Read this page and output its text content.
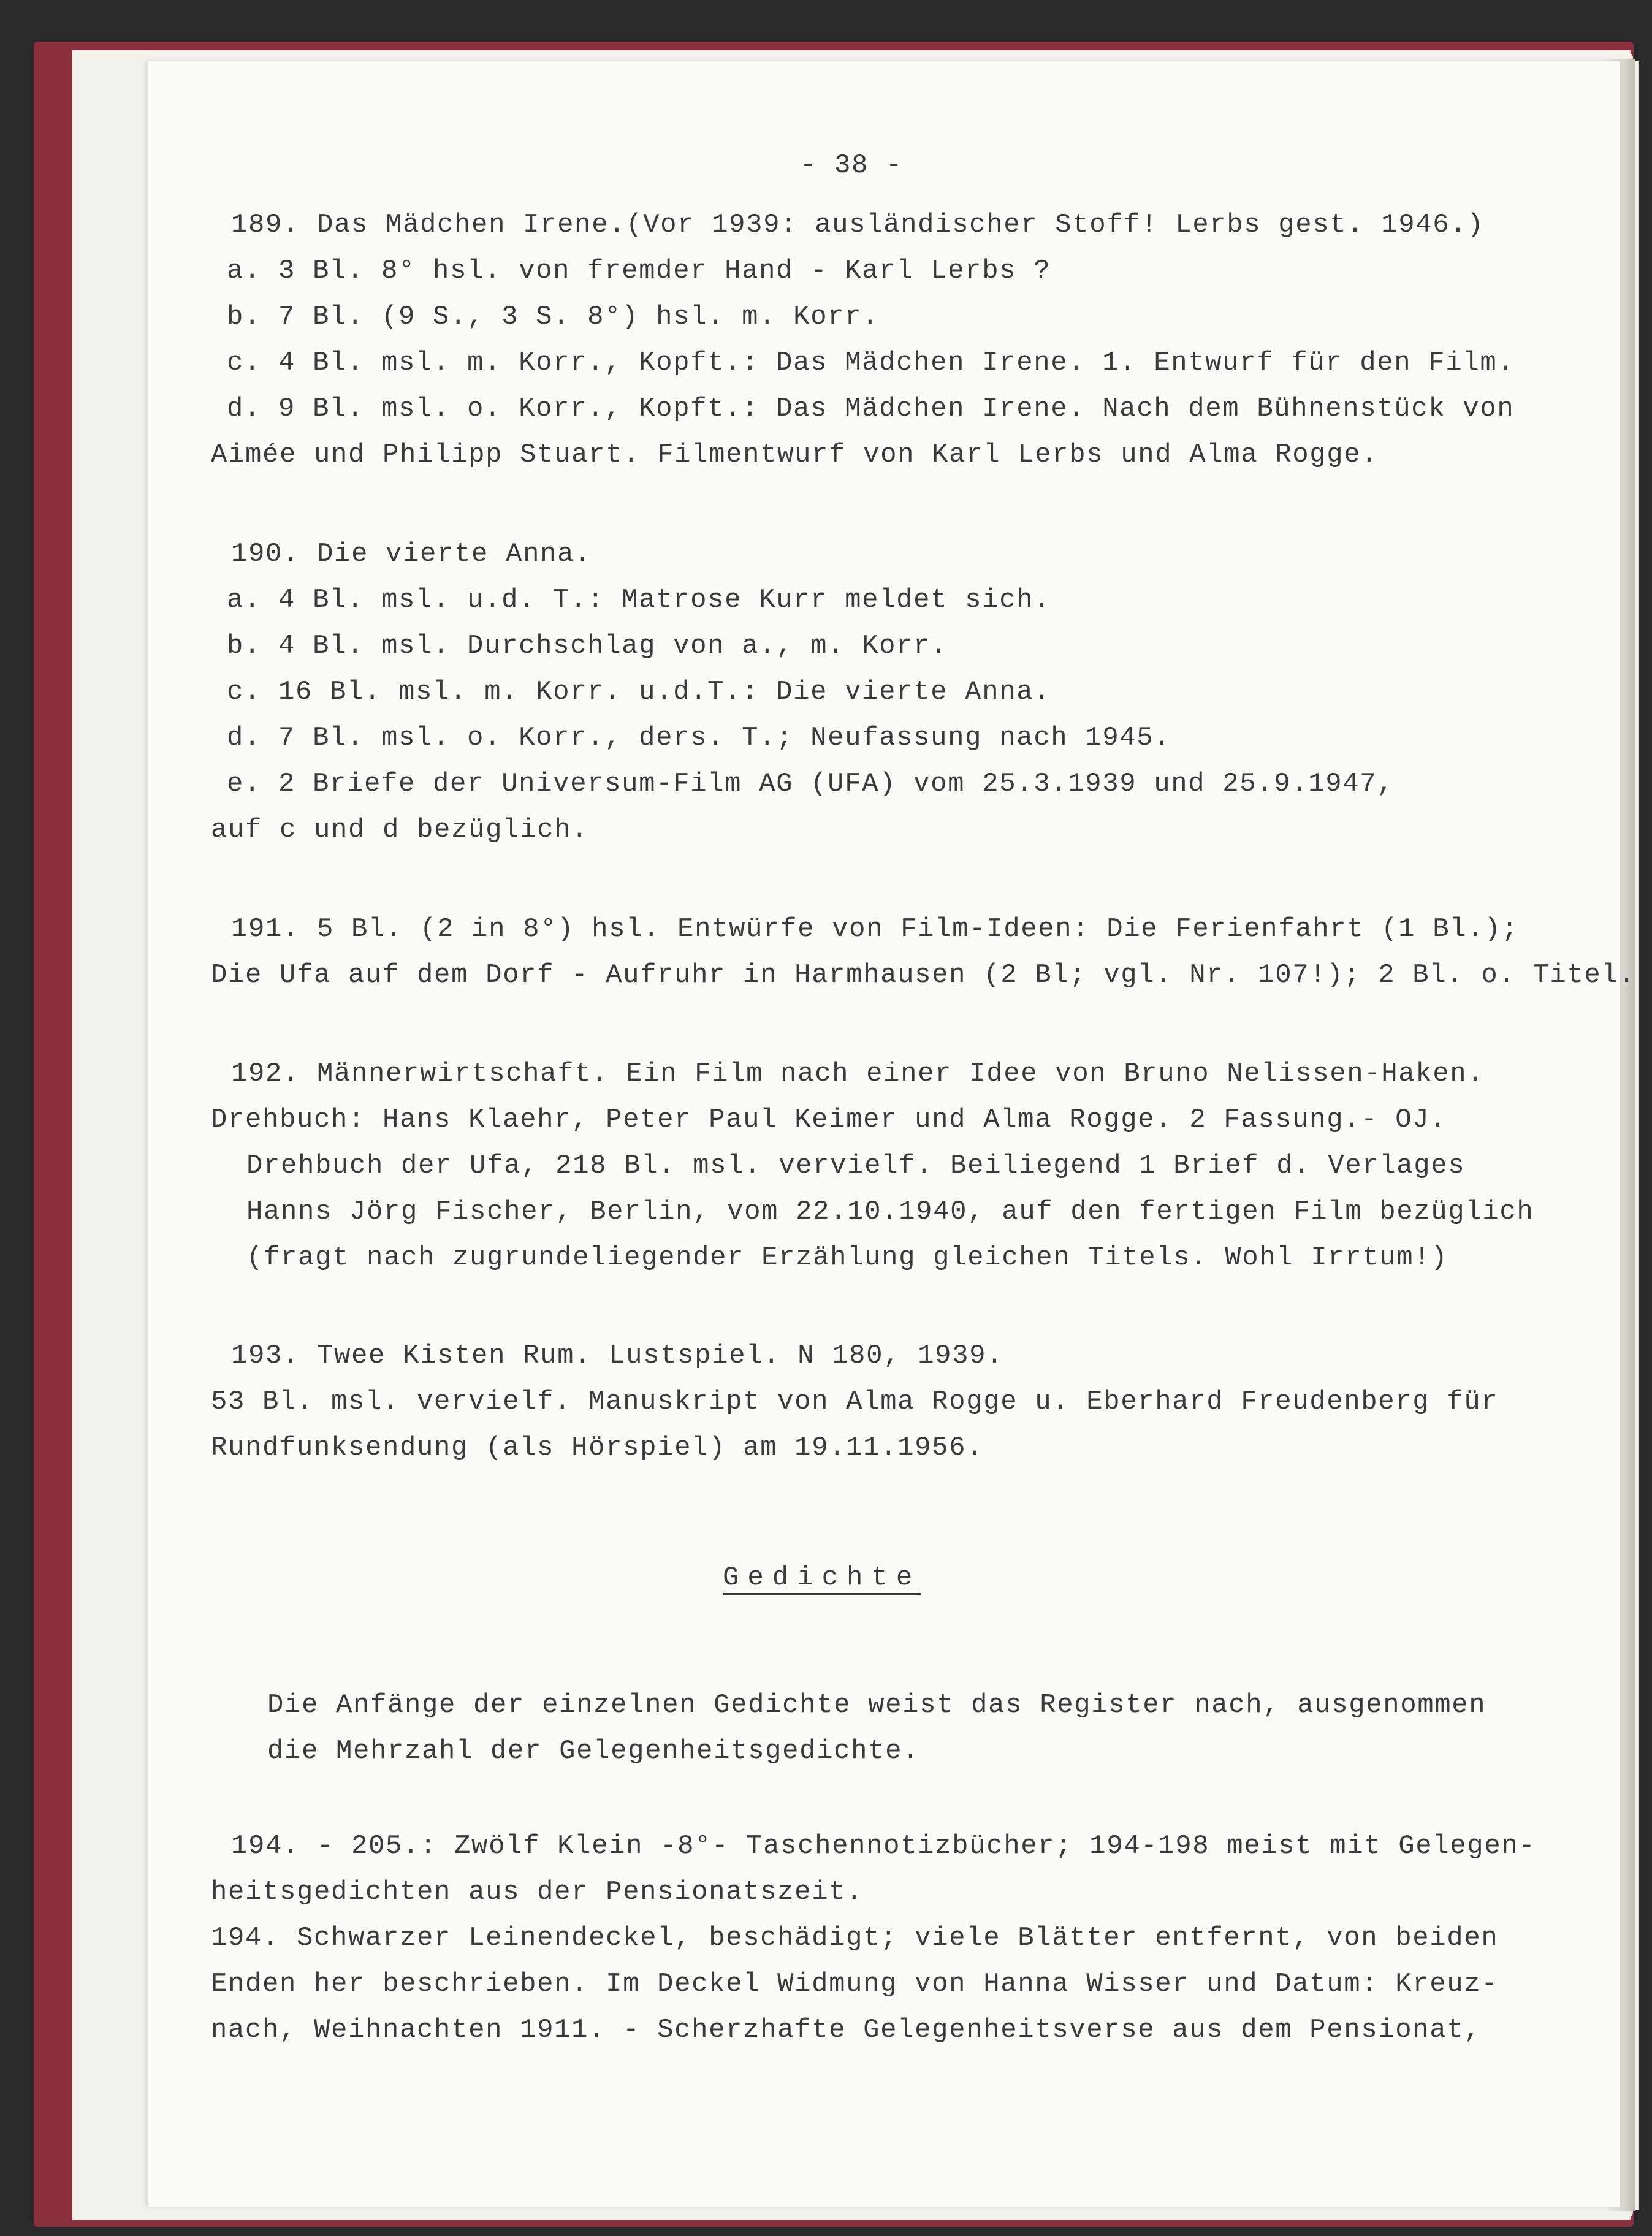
- 38 -
189. Das Mädchen Irene.(Vor 1939: ausländischer Stoff! Lerbs gest. 1946.)
a. 3 Bl. 8° hsl. von fremder Hand - Karl Lerbs ?
b. 7 Bl. (9 S., 3 S. 8°) hsl. m. Korr.
c. 4 Bl. msl. m. Korr., Kopft.: Das Mädchen Irene. 1. Entwurf für den Film.
d. 9 Bl. msl. o. Korr., Kopft.: Das Mädchen Irene. Nach dem Bühnenstück von
Aimée und Philipp Stuart. Filmentwurf von Karl Lerbs und Alma Rogge.
190. Die vierte Anna.
a. 4 Bl. msl. u.d. T.: Matrose Kurr meldet sich.
b. 4 Bl. msl. Durchschlag von a., m. Korr.
c. 16 Bl. msl. m. Korr. u.d.T.: Die vierte Anna.
d. 7 Bl. msl. o. Korr., ders. T.; Neufassung nach 1945.
e. 2 Briefe der Universum-Film AG (UFA) vom 25.3.1939 und 25.9.1947,
auf c und d bezüglich.
191. 5 Bl. (2 in 8°) hsl. Entwürfe von Film-Ideen: Die Ferienfahrt (1 Bl.);
Die Ufa auf dem Dorf - Aufruhr in Harmhausen (2 Bl; vgl. Nr. 107!); 2 Bl. o. Titel.
192. Männerwirtschaft. Ein Film nach einer Idee von Bruno Nelissen-Haken.
Drehbuch: Hans Klaehr, Peter Paul Keimer und Alma Rogge. 2 Fassung.- OJ.
Drehbuch der Ufa, 218 Bl. msl. vervielf. Beiliegend 1 Brief d. Verlages
Hanns Jörg Fischer, Berlin, vom 22.10.1940, auf den fertigen Film bezüglich
(fragt nach zugrundeliegender Erzählung gleichen Titels. Wohl Irrtum!)
193. Twee Kisten Rum. Lustspiel. N 180, 1939.
53 Bl. msl. vervielf. Manuskript von Alma Rogge u. Eberhard Freudenberg für
Rundfunksendung (als Hörspiel) am 19.11.1956.
Gedichte
Die Anfänge der einzelnen Gedichte weist das Register nach, ausgenommen
die Mehrzahl der Gelegenheitsgedichte.
194. - 205.: Zwölf Klein -8°- Taschennotizbücher; 194-198 meist mit Gelegen-
heitsgedichten aus der Pensionatszeit.
194. Schwarzer Leinendeckel, beschädigt; viele Blätter entfernt, von beiden
Enden her beschrieben. Im Deckel Widmung von Hanna Wisser und Datum: Kreuz-
nach, Weihnachten 1911. - Scherzhafte Gelegenheitsverse aus dem Pensionat,
